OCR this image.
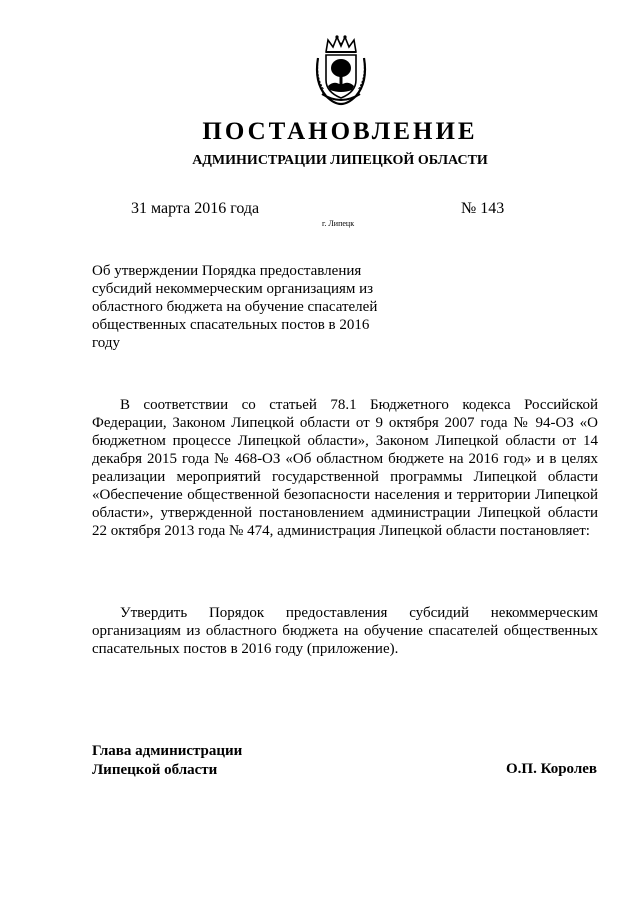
ПОСТАНОВЛЕНИЕ
АДМИНИСТРАЦИИ ЛИПЕЦКОЙ ОБЛАСТИ
31 марта 2016 года
г. Липецк
№ 143
Об утверждении Порядка предоставления субсидий некоммерческим организациям из областного бюджета на обучение спасателей общественных спасательных постов в 2016 году
В соответствии со статьей 78.1 Бюджетного кодекса Российской Федерации, Законом Липецкой области от 9 октября 2007 года № 94-ОЗ «О бюджетном процессе Липецкой области», Законом Липецкой области от 14 декабря 2015 года № 468-ОЗ «Об областном бюджете на 2016 год» и в целях реализации мероприятий государственной программы Липецкой области «Обеспечение общественной безопасности населения и территории Липецкой области», утвержденной постановлением администрации Липецкой области 22 октября 2013 года № 474, администрация Липецкой области постановляет:
Утвердить Порядок предоставления субсидий некоммерческим организациям из областного бюджета на обучение спасателей общественных спасательных постов в 2016 году (приложение).
Глава администрации
Липецкой области	О.П. Королев
